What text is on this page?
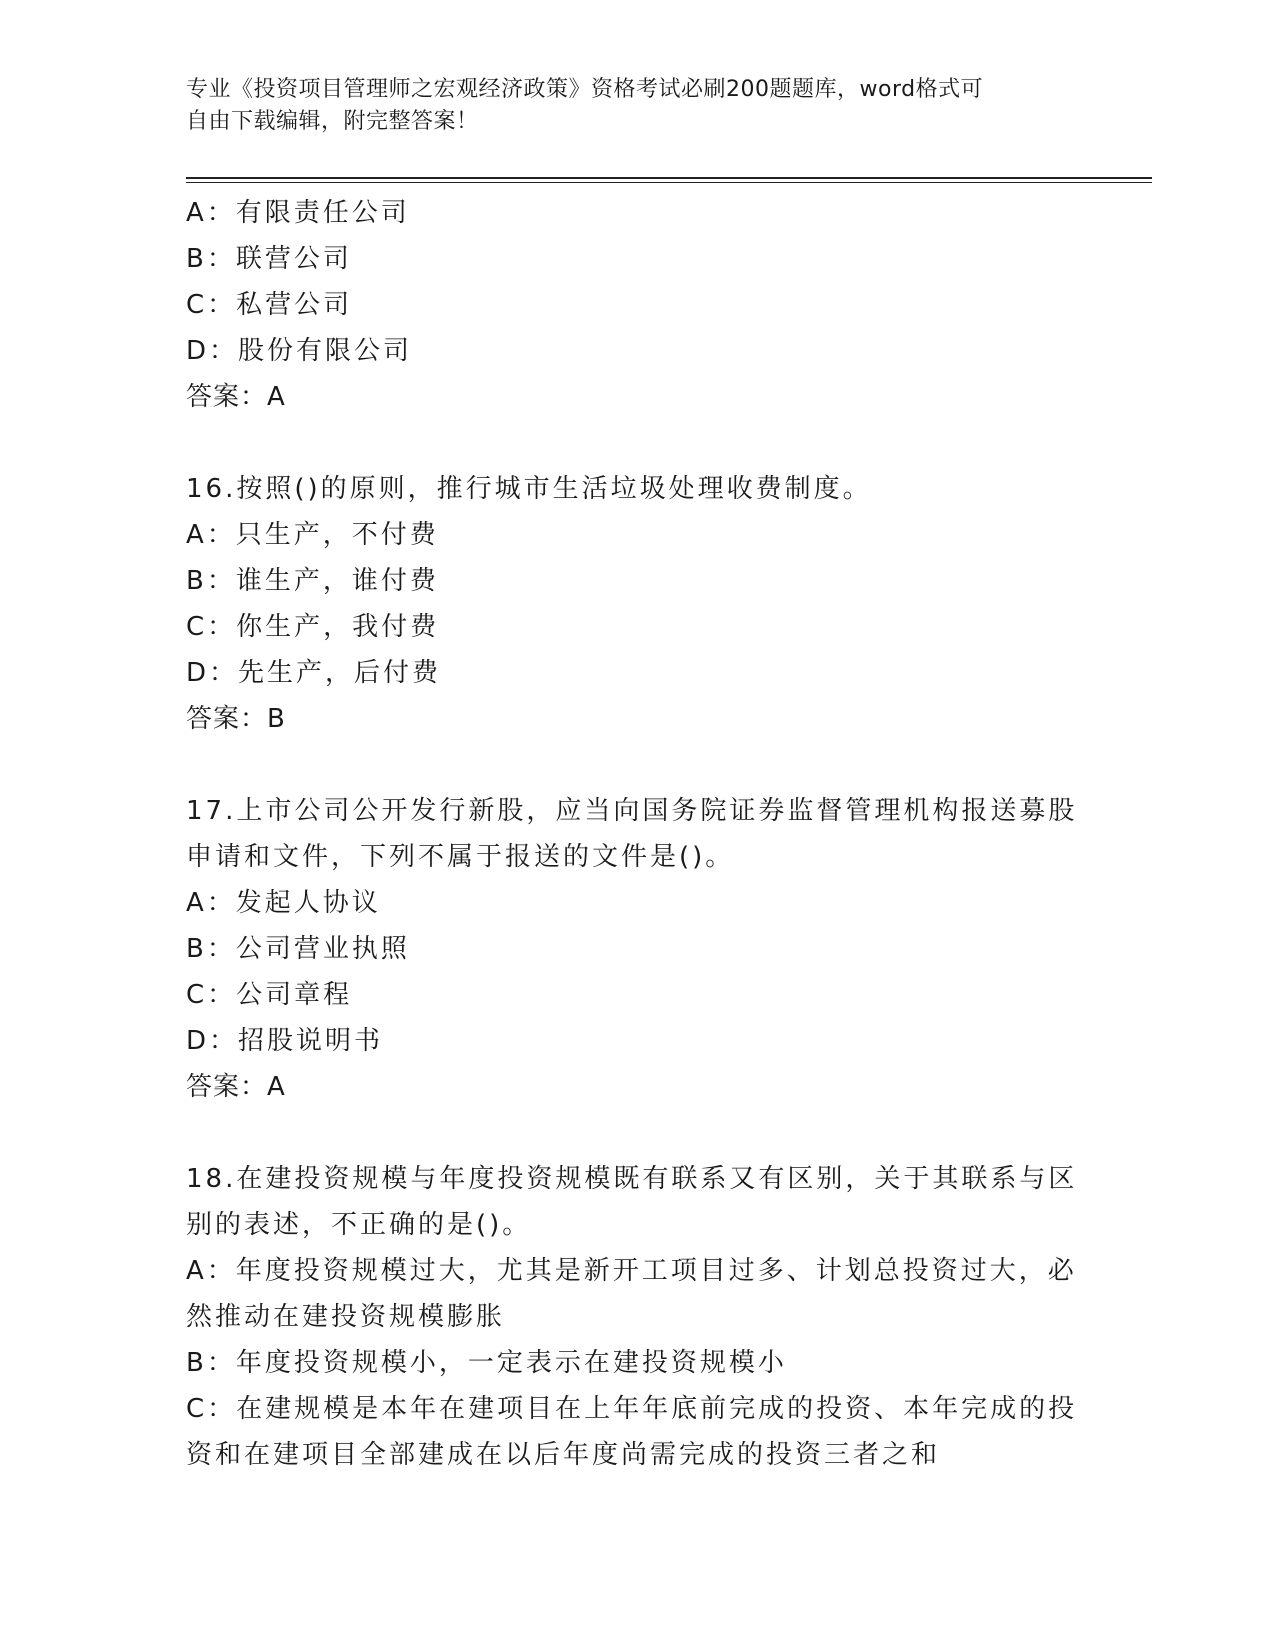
专业《投资项目管理师之宏观经济政策》资格考试必刷200题题库，word格式可
自由下载编辑，附完整答案！
A：有限责任公司
B：联营公司
C：私营公司
D：股份有限公司
答案：A
16.按照()的原则，推行城市生活垃圾处理收费制度。
A：只生产，不付费
B：谁生产，谁付费
C：你生产，我付费
D：先生产，后付费
答案：B
17.上市公司公开发行新股，应当向国务院证券监督管理机构报送募股
申请和文件，下列不属于报送的文件是()。
A：发起人协议
B：公司营业执照
C：公司章程
D：招股说明书
答案：A
18.在建投资规模与年度投资规模既有联系又有区别，关于其联系与区
别的表述，不正确的是()。
A：年度投资规模过大，尤其是新开工项目过多、计划总投资过大，必
然推动在建投资规模膨胀
B：年度投资规模小，一定表示在建投资规模小
C：在建规模是本年在建项目在上年年底前完成的投资、本年完成的投
资和在建项目全部建成在以后年度尚需完成的投资三者之和
